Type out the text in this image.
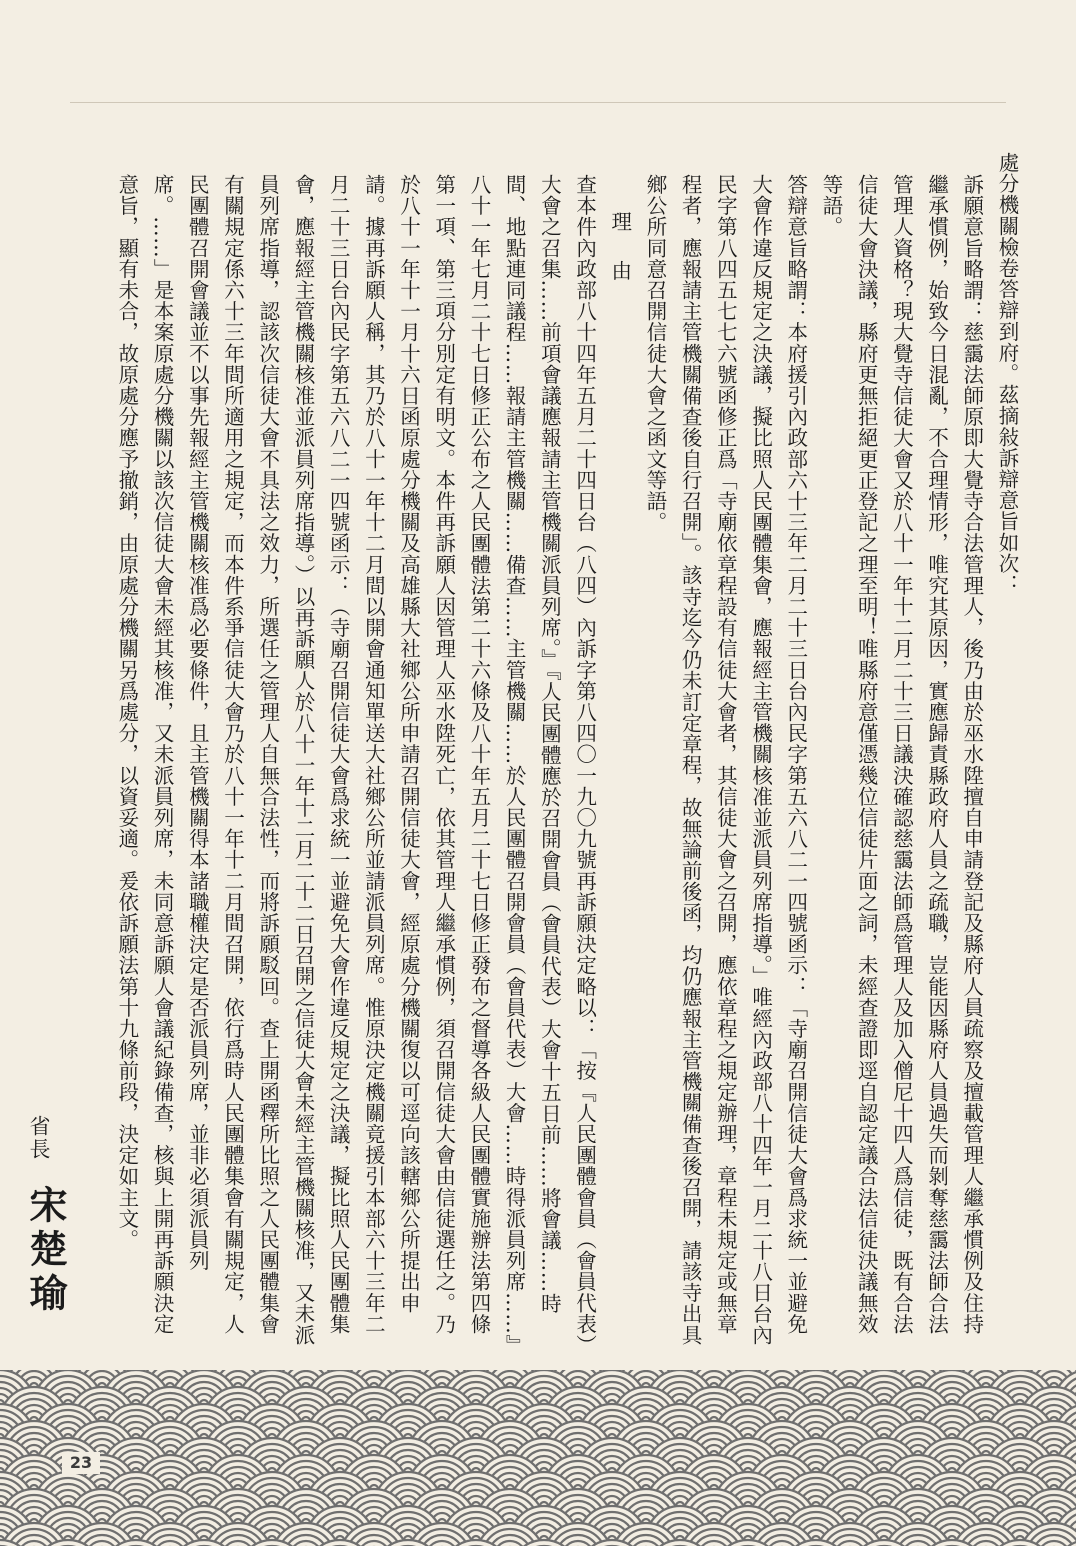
處分機關檢卷答辯到府。茲摘敍訴辯意旨如次：

訴願意旨略謂：慈靄法師原即大覺寺合法管理人，後乃由於巫水陞擅自申請登記及縣府人員疏察及擅載管理人繼承慣例及住持繼承慣例，始致今日混亂，不合理情形，唯究其原因，實應歸責縣政府人員之疏職，豈能因縣府人員過失而剝奪慈靄法師合法管理人資格？現大覺寺信徒大會又於八十一年十二月二十三日議決確認慈靄法師爲管理人及加入僧尼十四人爲信徒，既有合法信徒大會決議，縣府更無拒絕更正登記之理至明！唯縣府意僅憑幾位信徒片面之詞，未經查證即逕自認定議合法信徒決議無效等語。

答辯意旨略謂：本府援引內政部六十三年二月二十三日台內民字第五六八二一四號函示：「寺廟召開信徒大會爲求統一並避免大會作違反規定之決議，擬比照人民團體集會，應報經主管機關核准並派員列席指導。」唯經內政部八十四年一月二十八日台內民字第八四五七七六號函修正爲「寺廟依章程設有信徒大會者，其信徒大會之召開，應依章程之規定辦理，章程未規定或無章程者，應報請主管機關備查後自行召開」。該寺迄今仍未訂定章程，故無論前後函，均仍應報主管機關備查後召開，請該寺出具鄉公所同意召開信徒大會之函文等語。

理由

查本件內政部八十四年五月二十四日台（八四）內訴字第八四〇一九〇九號再訴願決定略以：「按『人民團體會員（會員代表）大會之召集……前項會議應報請主管機關派員列席。』『人民團體應於召開會員（會員代表）大會十五日前……將會議……時間、地點連同議程……報請主管機關……備查……主管機關……於人民團體召開會員（會員代表）大會……時得派員列席……』八十一年七月二十七日修正公布之人民團體法第二十六條及八十年五月二十七日修正發布之督導各級人民團體實施辦法第四條第一項、第三項分別定有明文。本件再訴願人因管理人巫水陞死亡，依其管理人繼承慣例，須召開信徒大會由信徒選任之。乃於八十一年十一月十六日函原處分機關及高雄縣大社鄉公所申請召開信徒大會，經原處分機關復以可逕向該轄鄉公所提出申請。據再訴願人稱，其乃於八十一年十二月間以開會通知單送大社鄉公所並請派員列席。惟原決定機關竟援引本部六十三年二月二十三日台內民字第五六八二一四號函示：（寺廟召開信徒大會爲求統一並避免大會作違反規定之決議，擬比照人民團體集會，應報經主管機關核准並派員列席指導。）以再訴願人於八十一年十二月二十二日召開之信徒大會未經主管機關核准，又未派員列席指導，認該次信徒大會不具法之效力，所選任之管理人自無合法性，而將訴願駁回。查上開函釋所比照之人民團體集會有關規定係六十三年間所適用之規定，而本件系爭信徒大會乃於八十一年十二月間召開，依行爲時人民團體集會有關規定，人民團體召開會議並不以事先報經主管機關核准爲必要條件，且主管機關得本諸職權決定是否派員列席，並非必須派員列席。……」是本案原處分機關以該次信徒大會未經其核准，又未派員列席，未同意訴願人會議紀錄備查，核與上開再訴願決定意旨，顯有未合，故原處分應予撤銷，由原處分機關另爲處分，以資妥適。爰依訴願法第十九條前段，決定如主文。

省長
宋楚瑜
23
